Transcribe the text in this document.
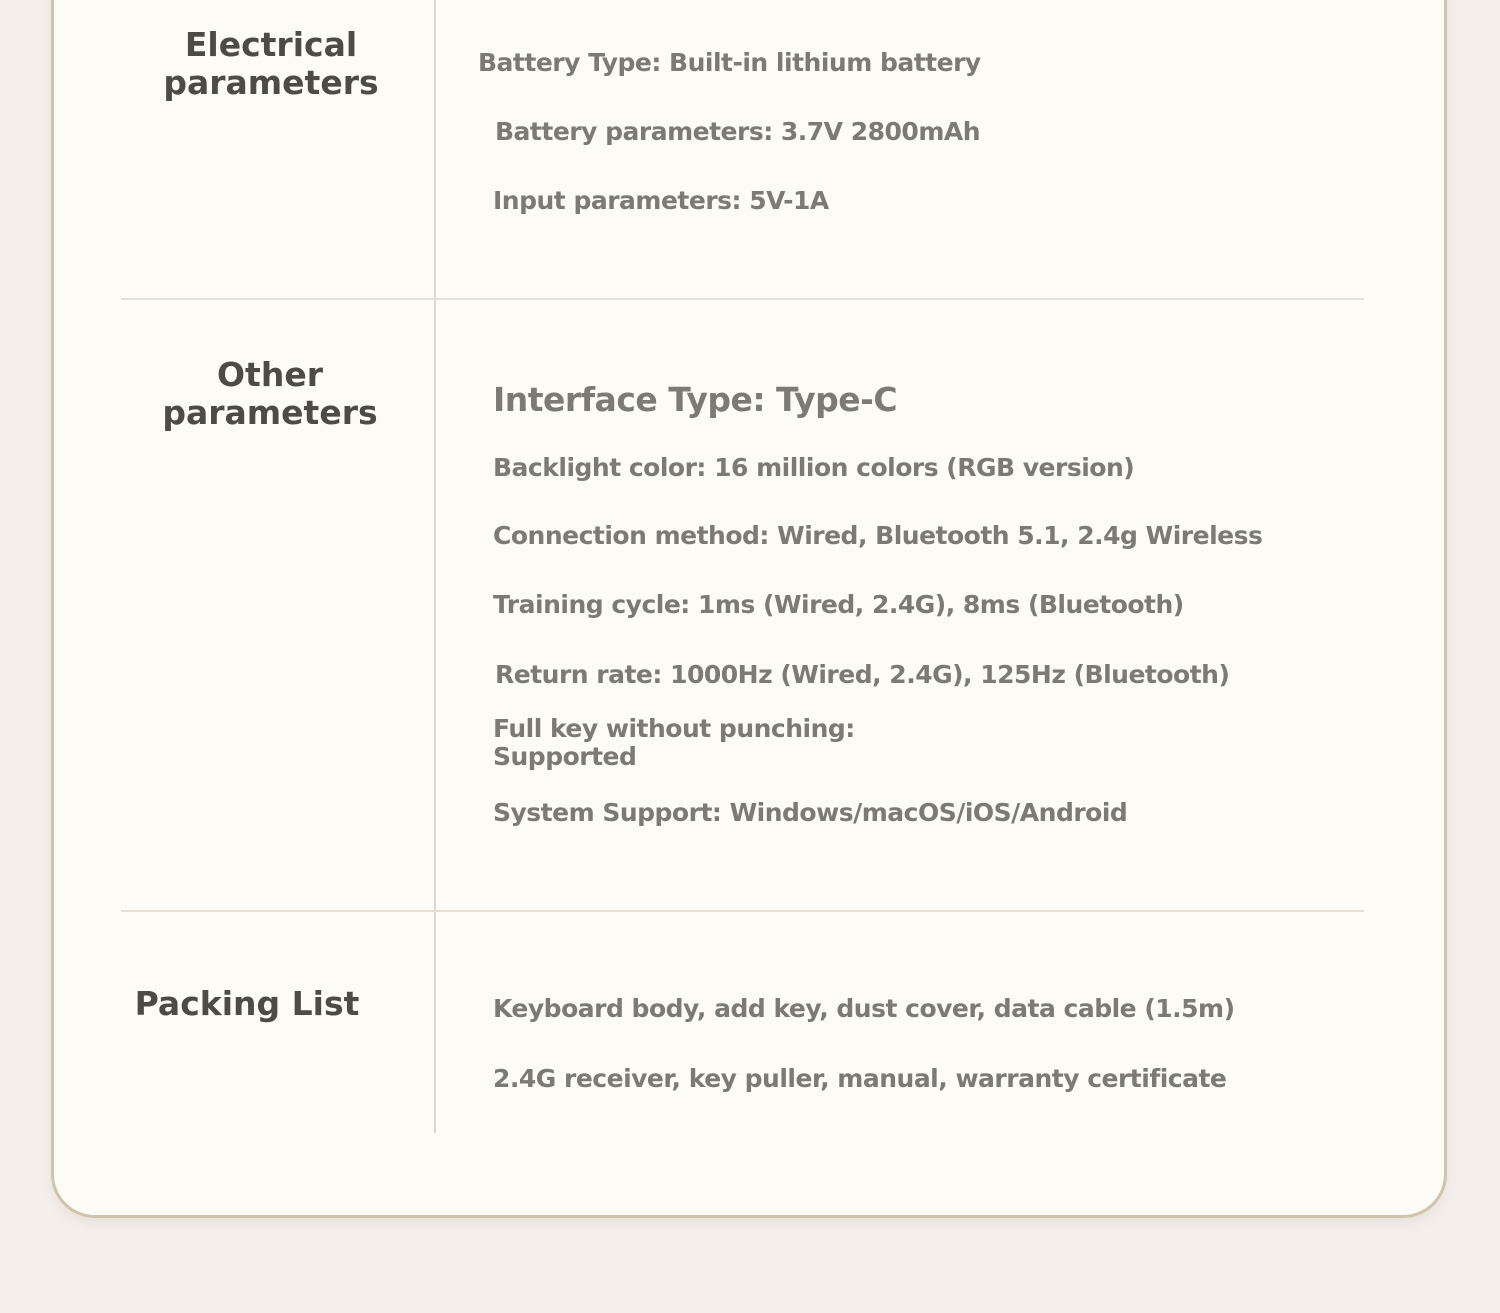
Electrical
parameters
Battery Type: Built-in lithium battery
Battery parameters: 3.7V 2800mAh
Input parameters: 5V-1A
Other
parameters	Interface Type: Type-C
Backlight color: 16 million colors (RGB version)
Connection method: Wired, Bluetooth 5.1, 2.4g Wireless
Training cycle: 1ms (Wired, 2.4G), 8ms (Bluetooth)
Return rate: 1000Hz (Wired, 2.4G), 125Hz (Bluetooth)
Full key without punching:
Supported
System Support: Windows/macOS/iOS/Android
Packing List	Keyboard body, add key, dust cover, data cable (1.5m)
2.4G receiver, key puller, manual, warranty certificate
